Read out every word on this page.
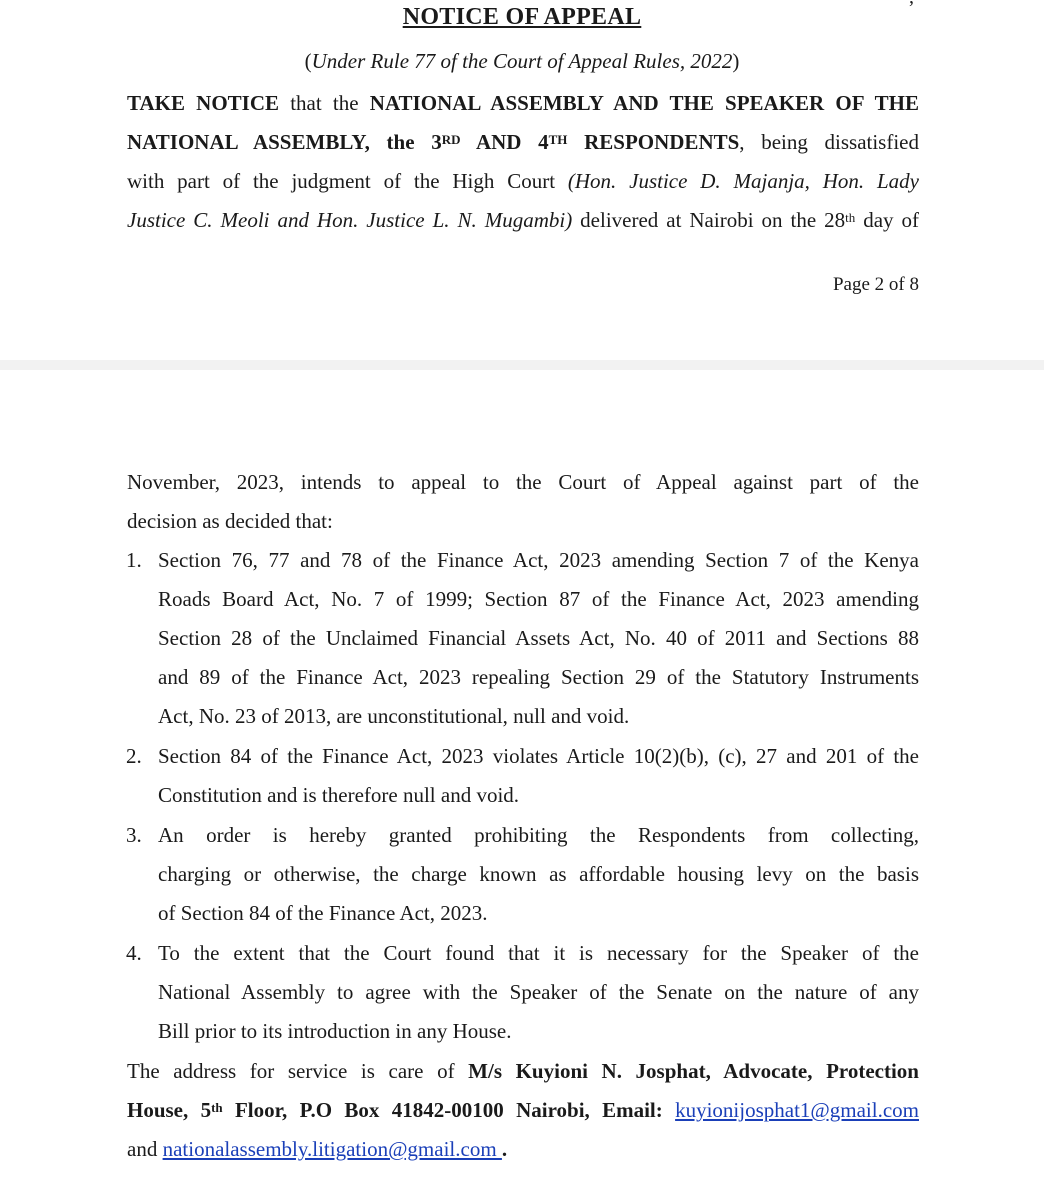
NOTICE OF APPEAL
(Under Rule 77 of the Court of Appeal Rules, 2022)
TAKE NOTICE that the NATIONAL ASSEMBLY AND THE SPEAKER OF THE
NATIONAL ASSEMBLY, the 3RD AND 4TH RESPONDENTS, being dissatisfied
with part of the judgment of the High Court (Hon. Justice D. Majanja, Hon. Lady
Justice C. Meoli and Hon. Justice L. N. Mugambi) delivered at Nairobi on the 28th day of
Page 2 of 8
November, 2023, intends to appeal to the Court of Appeal against part of the
decision as decided that:
1. Section 76, 77 and 78 of the Finance Act, 2023 amending Section 7 of the Kenya
Roads Board Act, No. 7 of 1999; Section 87 of the Finance Act, 2023 amending
Section 28 of the Unclaimed Financial Assets Act, No. 40 of 2011 and Sections 88
and 89 of the Finance Act, 2023 repealing Section 29 of the Statutory Instruments
Act, No. 23 of 2013, are unconstitutional, null and void.
2. Section 84 of the Finance Act, 2023 violates Article 10(2)(b), (c), 27 and 201 of the
Constitution and is therefore null and void.
3. An order is hereby granted prohibiting the Respondents from collecting,
charging or otherwise, the charge known as affordable housing levy on the basis
of Section 84 of the Finance Act, 2023.
4. To the extent that the Court found that it is necessary for the Speaker of the
National Assembly to agree with the Speaker of the Senate on the nature of any
Bill prior to its introduction in any House.
The address for service is care of M/s Kuyioni N. Josphat, Advocate, Protection
House, 5th Floor, P.O Box 41842-00100 Nairobi, Email: kuyionijosphat1@gmail.com
and nationalassembly.litigation@gmail.com .
